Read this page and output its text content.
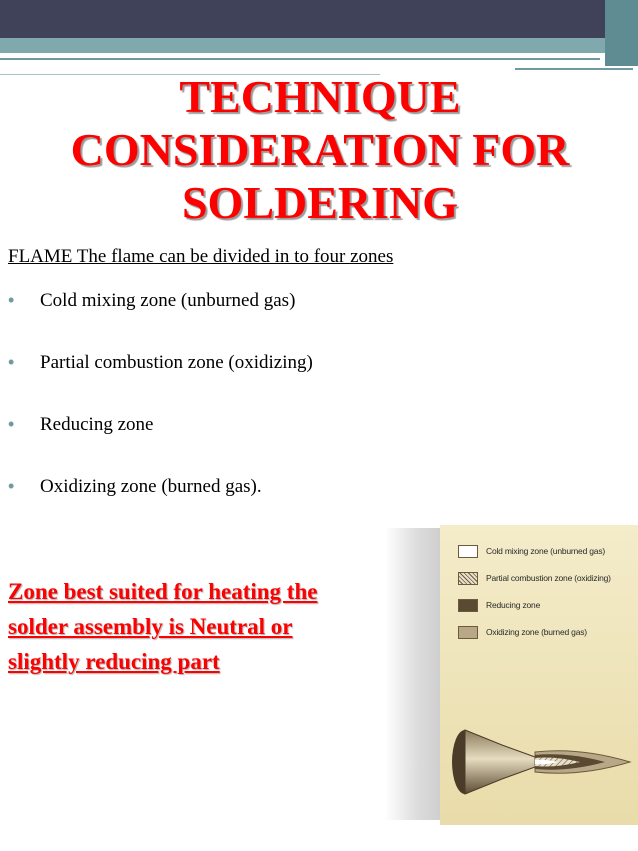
TECHNIQUE
CONSIDERATION FOR
SOLDERING
FLAME The flame can be divided in to four zones
•	Cold mixing zone (unburned gas)
•	Partial combustion zone (oxidizing)
•	Reducing zone
•	Oxidizing zone (burned gas).
Zone best suited for heating the
solder assembly is Neutral or
slightly reducing part
Cold mixing zone (unburned gas)
Partial combustion zone (oxidizing)
Reducing zone
Oxidizing zone (burned gas)
